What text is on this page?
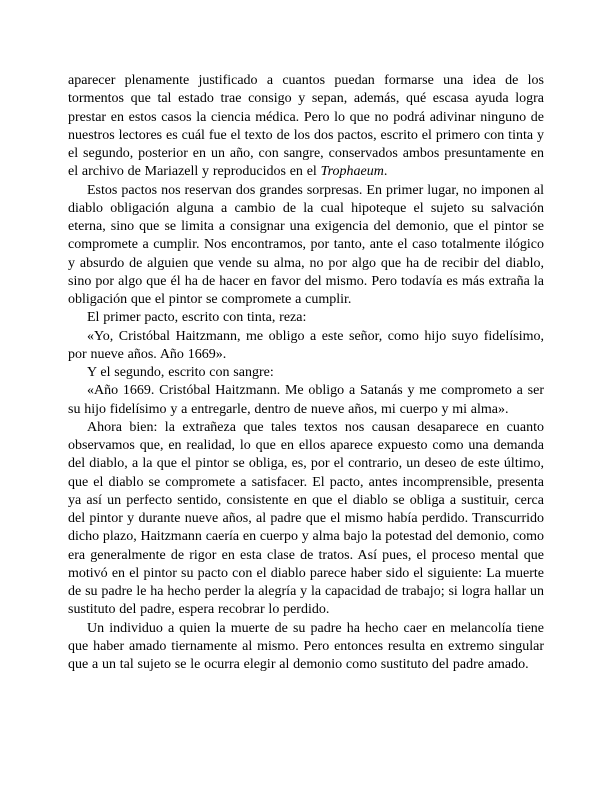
aparecer plenamente justificado a cuantos puedan formarse una idea de los tormentos que tal estado trae consigo y sepan, además, qué escasa ayuda logra prestar en estos casos la ciencia médica. Pero lo que no podrá adivinar ninguno de nuestros lectores es cuál fue el texto de los dos pactos, escrito el primero con tinta y el segundo, posterior en un año, con sangre, conservados ambos presuntamente en el archivo de Mariazell y reproducidos en el Trophaeum.

Estos pactos nos reservan dos grandes sorpresas. En primer lugar, no imponen al diablo obligación alguna a cambio de la cual hipoteque el sujeto su salvación eterna, sino que se limita a consignar una exigencia del demonio, que el pintor se compromete a cumplir. Nos encontramos, por tanto, ante el caso totalmente ilógico y absurdo de alguien que vende su alma, no por algo que ha de recibir del diablo, sino por algo que él ha de hacer en favor del mismo. Pero todavía es más extraña la obligación que el pintor se compromete a cumplir.

El primer pacto, escrito con tinta, reza:

«Yo, Cristóbal Haitzmann, me obligo a este señor, como hijo suyo fidelísimo, por nueve años. Año 1669».

Y el segundo, escrito con sangre:

«Año 1669. Cristóbal Haitzmann. Me obligo a Satanás y me comprometo a ser su hijo fidelísimo y a entregarle, dentro de nueve años, mi cuerpo y mi alma».

Ahora bien: la extrañeza que tales textos nos causan desaparece en cuanto observamos que, en realidad, lo que en ellos aparece expuesto como una demanda del diablo, a la que el pintor se obliga, es, por el contrario, un deseo de este último, que el diablo se compromete a satisfacer. El pacto, antes incomprensible, presenta ya así un perfecto sentido, consistente en que el diablo se obliga a sustituir, cerca del pintor y durante nueve años, al padre que el mismo había perdido. Transcurrido dicho plazo, Haitzmann caería en cuerpo y alma bajo la potestad del demonio, como era generalmente de rigor en esta clase de tratos. Así pues, el proceso mental que motivó en el pintor su pacto con el diablo parece haber sido el siguiente: La muerte de su padre le ha hecho perder la alegría y la capacidad de trabajo; si logra hallar un sustituto del padre, espera recobrar lo perdido.

Un individuo a quien la muerte de su padre ha hecho caer en melancolía tiene que haber amado tiernamente al mismo. Pero entonces resulta en extremo singular que a un tal sujeto se le ocurra elegir al demonio como sustituto del padre amado.
